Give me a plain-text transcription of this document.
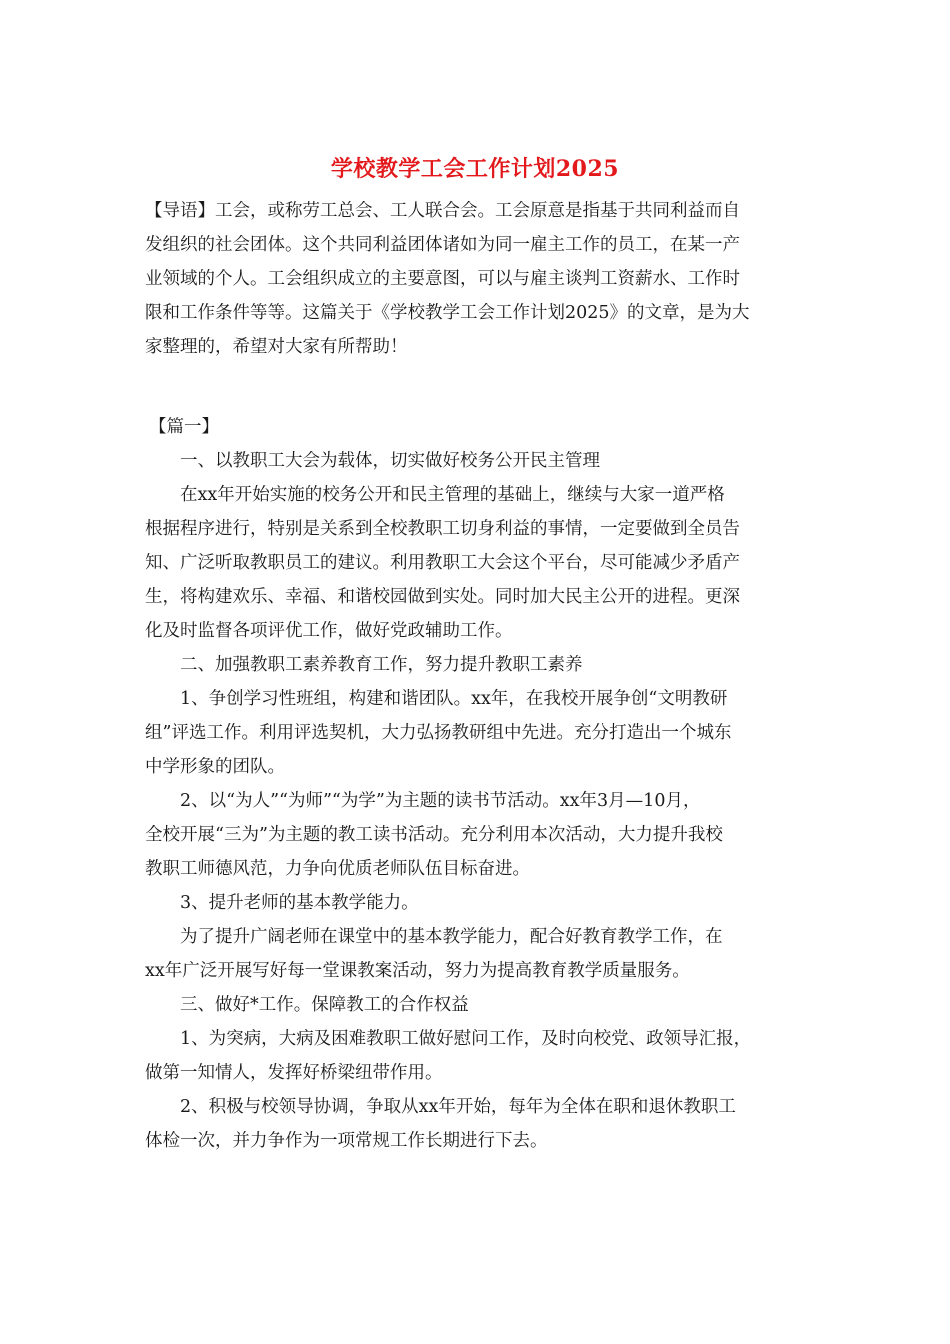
学校教学工会工作计划2025

【导语】工会，或称劳工总会、工人联合会。工会原意是指基于共同利益而自

发组织的社会团体。这个共同利益团体诸如为同一雇主工作的员工，在某一产

业领域的个人。工会组织成立的主要意图，可以与雇主谈判工资薪水、工作时

限和工作条件等等。这篇关于《学校教学工会工作计划2025》的文章，是为大

家整理的，希望对大家有所帮助！

【篇一】

一、以教职工大会为载体，切实做好校务公开民主管理

在xx年开始实施的校务公开和民主管理的基础上，继续与大家一道严格

根据程序进行，特别是关系到全校教职工切身利益的事情，一定要做到全员告

知、广泛听取教职员工的建议。利用教职工大会这个平台，尽可能减少矛盾产

生，将构建欢乐、幸福、和谐校园做到实处。同时加大民主公开的进程。更深

化及时监督各项评优工作，做好党政辅助工作。

二、加强教职工素养教育工作，努力提升教职工素养

1、争创学习性班组，构建和谐团队。xx年，在我校开展争创“文明教研

组”评选工作。利用评选契机，大力弘扬教研组中先进。充分打造出一个城东

中学形象的团队。

2、以“为人”“为师”“为学”为主题的读书节活动。xx年3月—10月，

全校开展“三为”为主题的教工读书活动。充分利用本次活动，大力提升我校

教职工师德风范，力争向优质老师队伍目标奋进。

3、提升老师的基本教学能力。

为了提升广阔老师在课堂中的基本教学能力，配合好教育教学工作，在

xx年广泛开展写好每一堂课教案活动，努力为提高教育教学质量服务。

三、做好*工作。保障教工的合作权益

1、为突病，大病及困难教职工做好慰问工作，及时向校党、政领导汇报，

做第一知情人，发挥好桥梁纽带作用。

2、积极与校领导协调，争取从xx年开始，每年为全体在职和退休教职工

体检一次，并力争作为一项常规工作长期进行下去。
